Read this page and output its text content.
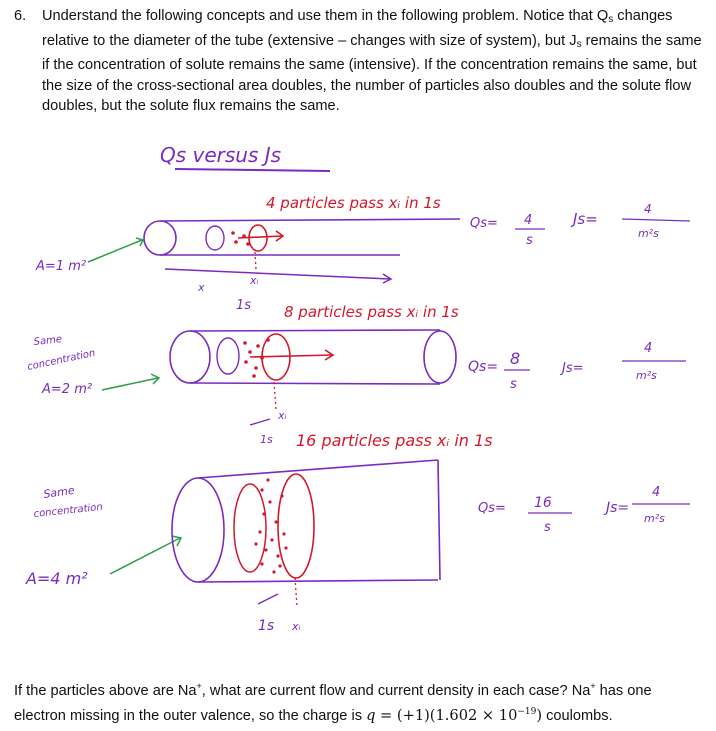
6. Understand the following concepts and use them in the following problem. Notice that $Q_s$ changes relative to the diameter of the tube (extensive – changes with size of system), but $J_s$ remains the same if the concentration of solute remains the same (intensive). If the concentration remains the same, but the size of the cross-sectional area doubles, the number of particles also doubles and the solute flow doubles, but the solute flux remains the same.
Qs versus Js
A=1 m²
x
xᵢ
1s
4 particles pass xᵢ in 1s
Qs= 4
s
Js=
4
m²s
Same
concentration
A=2 m²
xᵢ
1s
8 particles pass xᵢ in 1s
Qs= 8
s
Js=
4
m²s
Same
concentration
A=4 m²
1s xᵢ
16 particles pass xᵢ in 1s
Qs= 16
s
Js=
4
m²s
If the particles above are Na+, what are current flow and current density in each case? Na+ has one electron missing in the outer valence, so the charge is $q = (+1)(1.602 \times 10^{-19})$ coulombs.
